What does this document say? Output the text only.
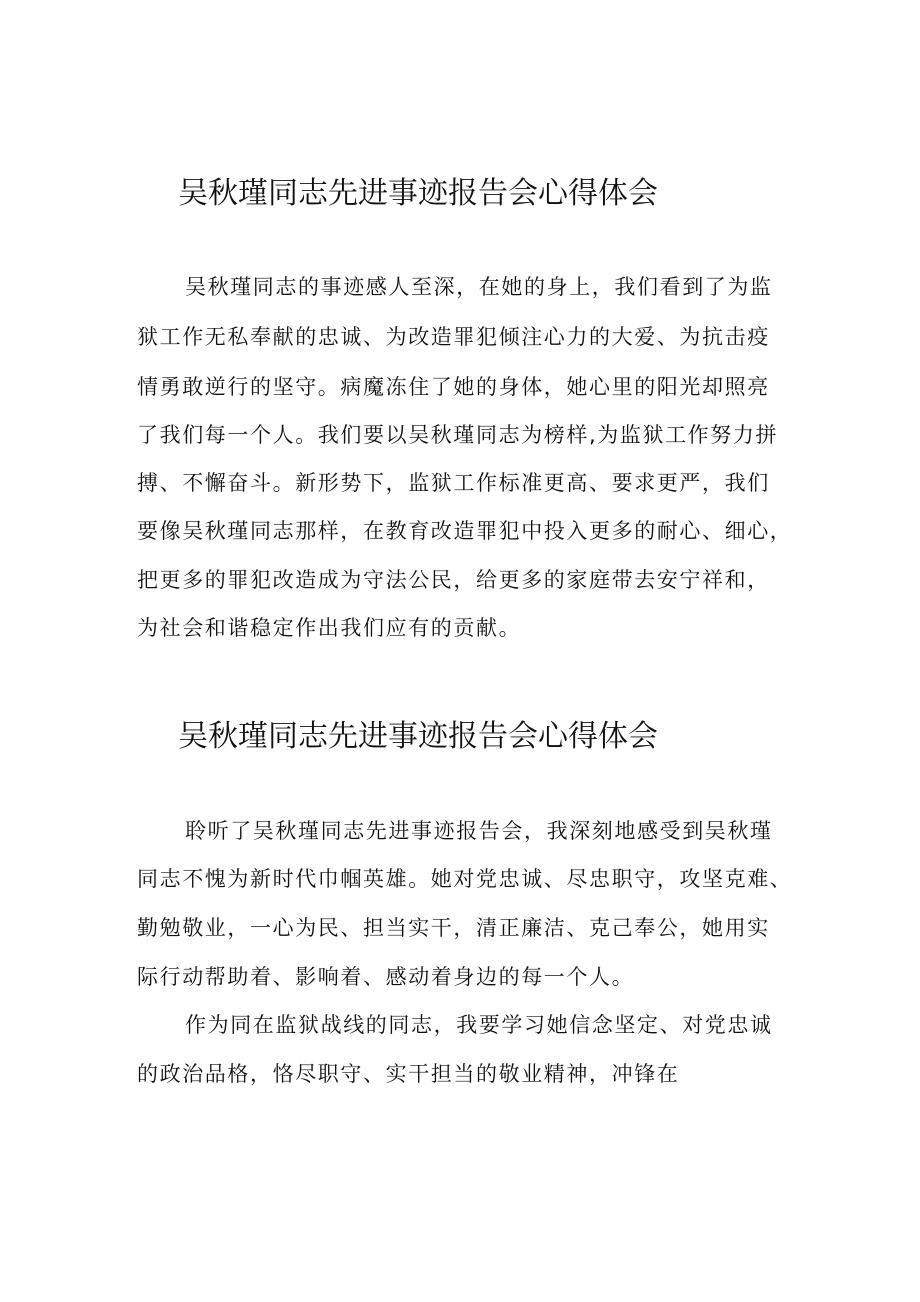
吴秋瑾同志先进事迹报告会心得体会

吴秋瑾同志的事迹感人至深，在她的身上，我们看到了为监

狱工作无私奉献的忠诚、为改造罪犯倾注心力的大爱、为抗击疫

情勇敢逆行的坚守。病魔冻住了她的身体，她心里的阳光却照亮

了我们每一个人。我们要以吴秋瑾同志为榜样,为监狱工作努力拼

搏、不懈奋斗。新形势下，监狱工作标准更高、要求更严，我们

要像吴秋瑾同志那样，在教育改造罪犯中投入更多的耐心、细心，

把更多的罪犯改造成为守法公民，给更多的家庭带去安宁祥和，

为社会和谐稳定作出我们应有的贡献。

吴秋瑾同志先进事迹报告会心得体会

聆听了吴秋瑾同志先进事迹报告会，我深刻地感受到吴秋瑾

同志不愧为新时代巾帼英雄。她对党忠诚、尽忠职守，攻坚克难、

勤勉敬业，一心为民、担当实干，清正廉洁、克己奉公，她用实

际行动帮助着、影响着、感动着身边的每一个人。

作为同在监狱战线的同志，我要学习她信念坚定、对党忠诚

的政治品格，恪尽职守、实干担当的敬业精神，冲锋在
